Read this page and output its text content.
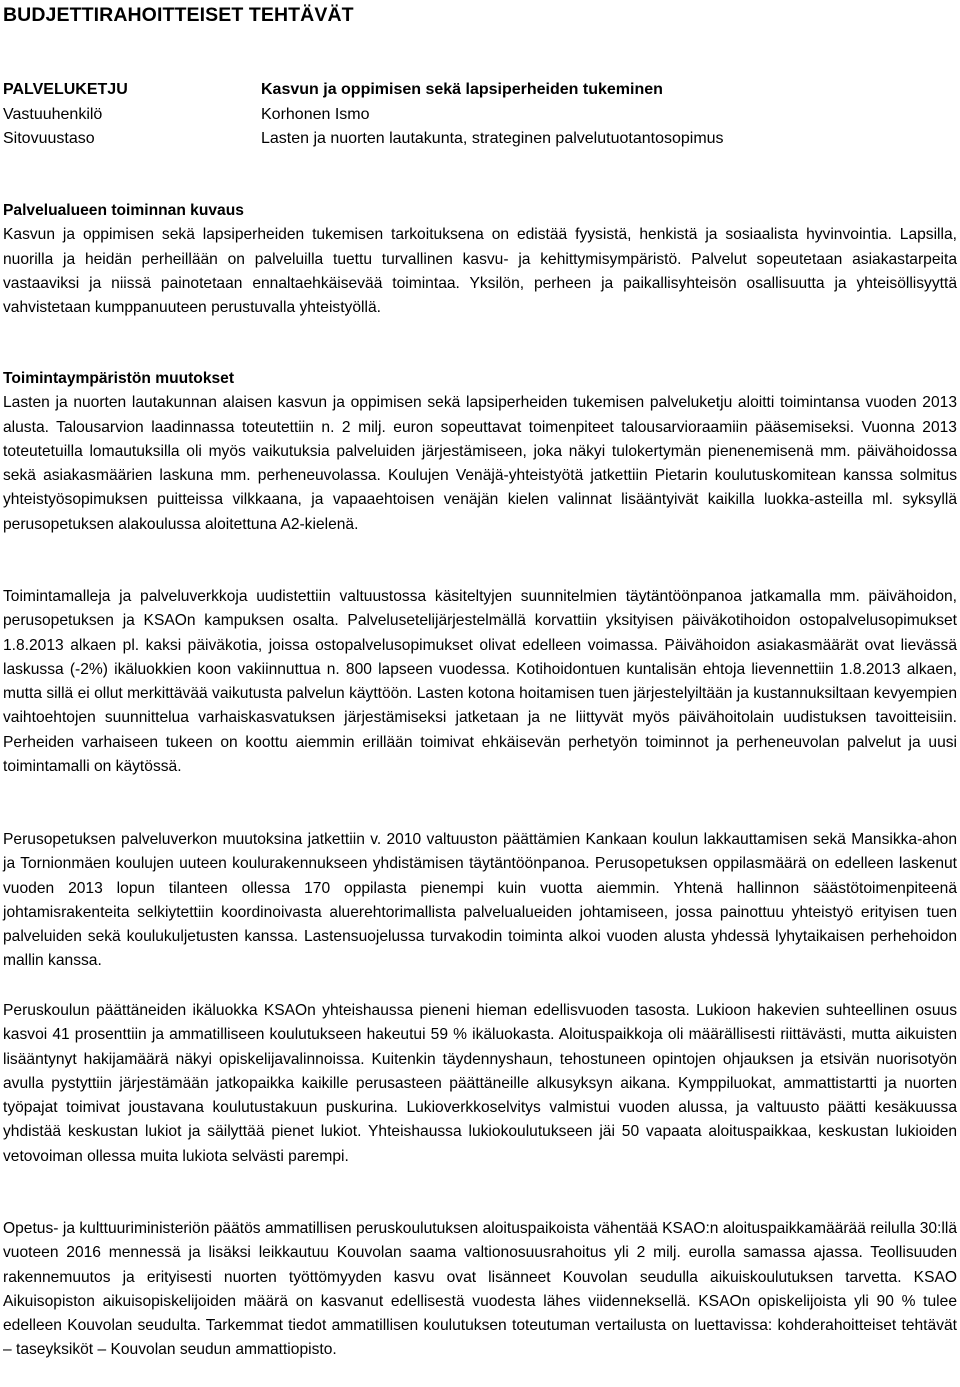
BUDJETTIRAHOITTEISET TEHTÄVÄT
PALVELUKETJU	Kasvun ja oppimisen sekä lapsiperheiden tukeminen
Vastuuhenkilö	Korhonen Ismo
Sitovuustaso	Lasten ja nuorten lautakunta, strateginen palvelutuotantosopimus

Palvelualueen toiminnan kuvaus

Kasvun ja oppimisen sekä lapsiperheiden tukemisen tarkoituksena on edistää fyysistä, henkistä ja sosiaalista hyvinvointia. Lapsilla, nuorilla ja heidän perheillään on palveluilla tuettu turvallinen kasvu- ja kehittymisympäristö. Palvelut sopeutetaan asiakastarpeita vastaaviksi ja niissä painotetaan ennaltaehkäisevää toimintaa. Yksilön, perheen ja paikallisyhteisön osallisuutta ja yhteisöllisyyttä vahvistetaan kumppanuuteen perustuvalla yhteistyöllä.

Toimintaympäristön muutokset

Lasten ja nuorten lautakunnan alaisen kasvun ja oppimisen sekä lapsiperheiden tukemisen palveluketju aloitti toimintansa vuoden 2013 alusta. Talousarvion laadinnassa toteutettiin n. 2 milj. euron sopeuttavat toimenpiteet talousarvioraamiin pääsemiseksi. Vuonna 2013 toteutetuilla lomautuksilla oli myös vaikutuksia palveluiden järjestämiseen, joka näkyi tulokertymän pienenemisenä mm. päivähoidossa sekä asiakasmäärien laskuna mm. perheneuvolassa. Koulujen Venäjä-yhteistyötä jatkettiin Pietarin koulutuskomitean kanssa solmitus yhteistyösopimuksen puitteissa vilkkaana, ja vapaaehtoisen venäjän kielen valinnat lisääntyivät kaikilla luokka-asteilla ml. syksyllä perusopetuksen alakoulussa aloitettuna A2-kielenä.

Toimintamalleja ja palveluverkkoja uudistettiin valtuustossa käsiteltyjen suunnitelmien täytäntöönpanoa jatkamalla mm. päivähoidon, perusopetuksen ja KSAOn kampuksen osalta. Palvelusetelijärjestelmällä korvattiin yksityisen päiväkotihoidon ostopalvelusopimukset 1.8.2013 alkaen pl. kaksi päiväkotia, joissa ostopalvelusopimukset olivat edelleen voimassa. Päivähoidon asiakasmäärät ovat lievässä laskussa (-2%) ikäluokkien koon vakiinnuttua n. 800 lapseen vuodessa. Kotihoidontuen kuntalisän ehtoja lievennettiin 1.8.2013 alkaen, mutta sillä ei ollut merkittävää vaikutusta palvelun käyttöön. Lasten kotona hoitamisen tuen järjestelyiltään ja kustannuksiltaan kevyempien vaihtoehtojen suunnittelua varhaiskasvatuksen järjestämiseksi jatketaan ja ne liittyvät myös päivähoitolain uudistuksen tavoitteisiin. Perheiden varhaiseen tukeen on koottu aiemmin erillään toimivat ehkäisevän perhetyön toiminnot ja perheneuvolan palvelut ja uusi toimintamalli on käytössä.

Perusopetuksen palveluverkon muutoksina jatkettiin v. 2010 valtuuston päättämien Kankaan koulun lakkauttamisen sekä Mansikka-ahon ja Tornionmäen koulujen uuteen koulurakennukseen yhdistämisen täytäntöönpanoa. Perusopetuksen oppilasmäärä on edelleen laskenut vuoden 2013 lopun tilanteen ollessa 170 oppilasta pienempi kuin vuotta aiemmin. Yhtenä hallinnon säästötoimenpiteenä johtamisrakenteita selkiytettiin koordinoivasta aluerehtorimallista palvelualueiden johtamiseen, jossa painottuu yhteistyö erityisen tuen palveluiden sekä koulukuljetusten kanssa. Lastensuojelussa turvakodin toiminta alkoi vuoden alusta yhdessä lyhytaikaisen perhehoidon mallin kanssa.

Peruskoulun päättäneiden ikäluokka KSAOn yhteishaussa pieneni hieman edellisvuoden tasosta. Lukioon hakevien suhteellinen osuus kasvoi 41 prosenttiin ja ammatilliseen koulutukseen hakeutui 59 % ikäluokasta. Aloituspaikkoja oli määrällisesti riittävästi, mutta aikuisten lisääntynyt hakijamäärä näkyi opiskelijavalinnoissa. Kuitenkin täydennyshaun, tehostuneen opintojen ohjauksen ja etsivän nuorisotyön avulla pystyttiin järjestämään jatkopaikka kaikille perusasteen päättäneille alkusyksyn aikana. Kymppiluokat, ammattistartti ja nuorten työpajat toimivat joustavana koulutustakuun puskurina. Lukioverkkoselvitys valmistui vuoden alussa, ja valtuusto päätti kesäkuussa yhdistää keskustan lukiot ja säilyttää pienet lukiot. Yhteishaussa lukiokoulutukseen jäi 50 vapaata aloituspaikkaa, keskustan lukioiden vetovoiman ollessa muita lukiota selvästi parempi.

Opetus- ja kulttuuriministeriön päätös ammatillisen peruskoulutuksen aloituspaikoista vähentää KSAO:n aloituspaikkamäärää reilulla 30:llä vuoteen 2016 mennessä ja lisäksi leikkautuu Kouvolan saama valtionosuusrahoitus yli 2 milj. eurolla samassa ajassa. Teollisuuden rakennemuutos ja erityisesti nuorten työttömyyden kasvu ovat lisänneet Kouvolan seudulla aikuiskoulutuksen tarvetta. KSAO Aikuisopiston aikuisopiskelijoiden määrä on kasvanut edellisestä vuodesta lähes viidenneksellä. KSAOn opiskelijoista yli 90 % tulee edelleen Kouvolan seudulta. Tarkemmat tiedot ammatillisen koulutuksen toteutuman vertailusta on luettavissa: kohderahoitteiset tehtävät – taseyksiköt – Kouvolan seudun ammattiopisto.
